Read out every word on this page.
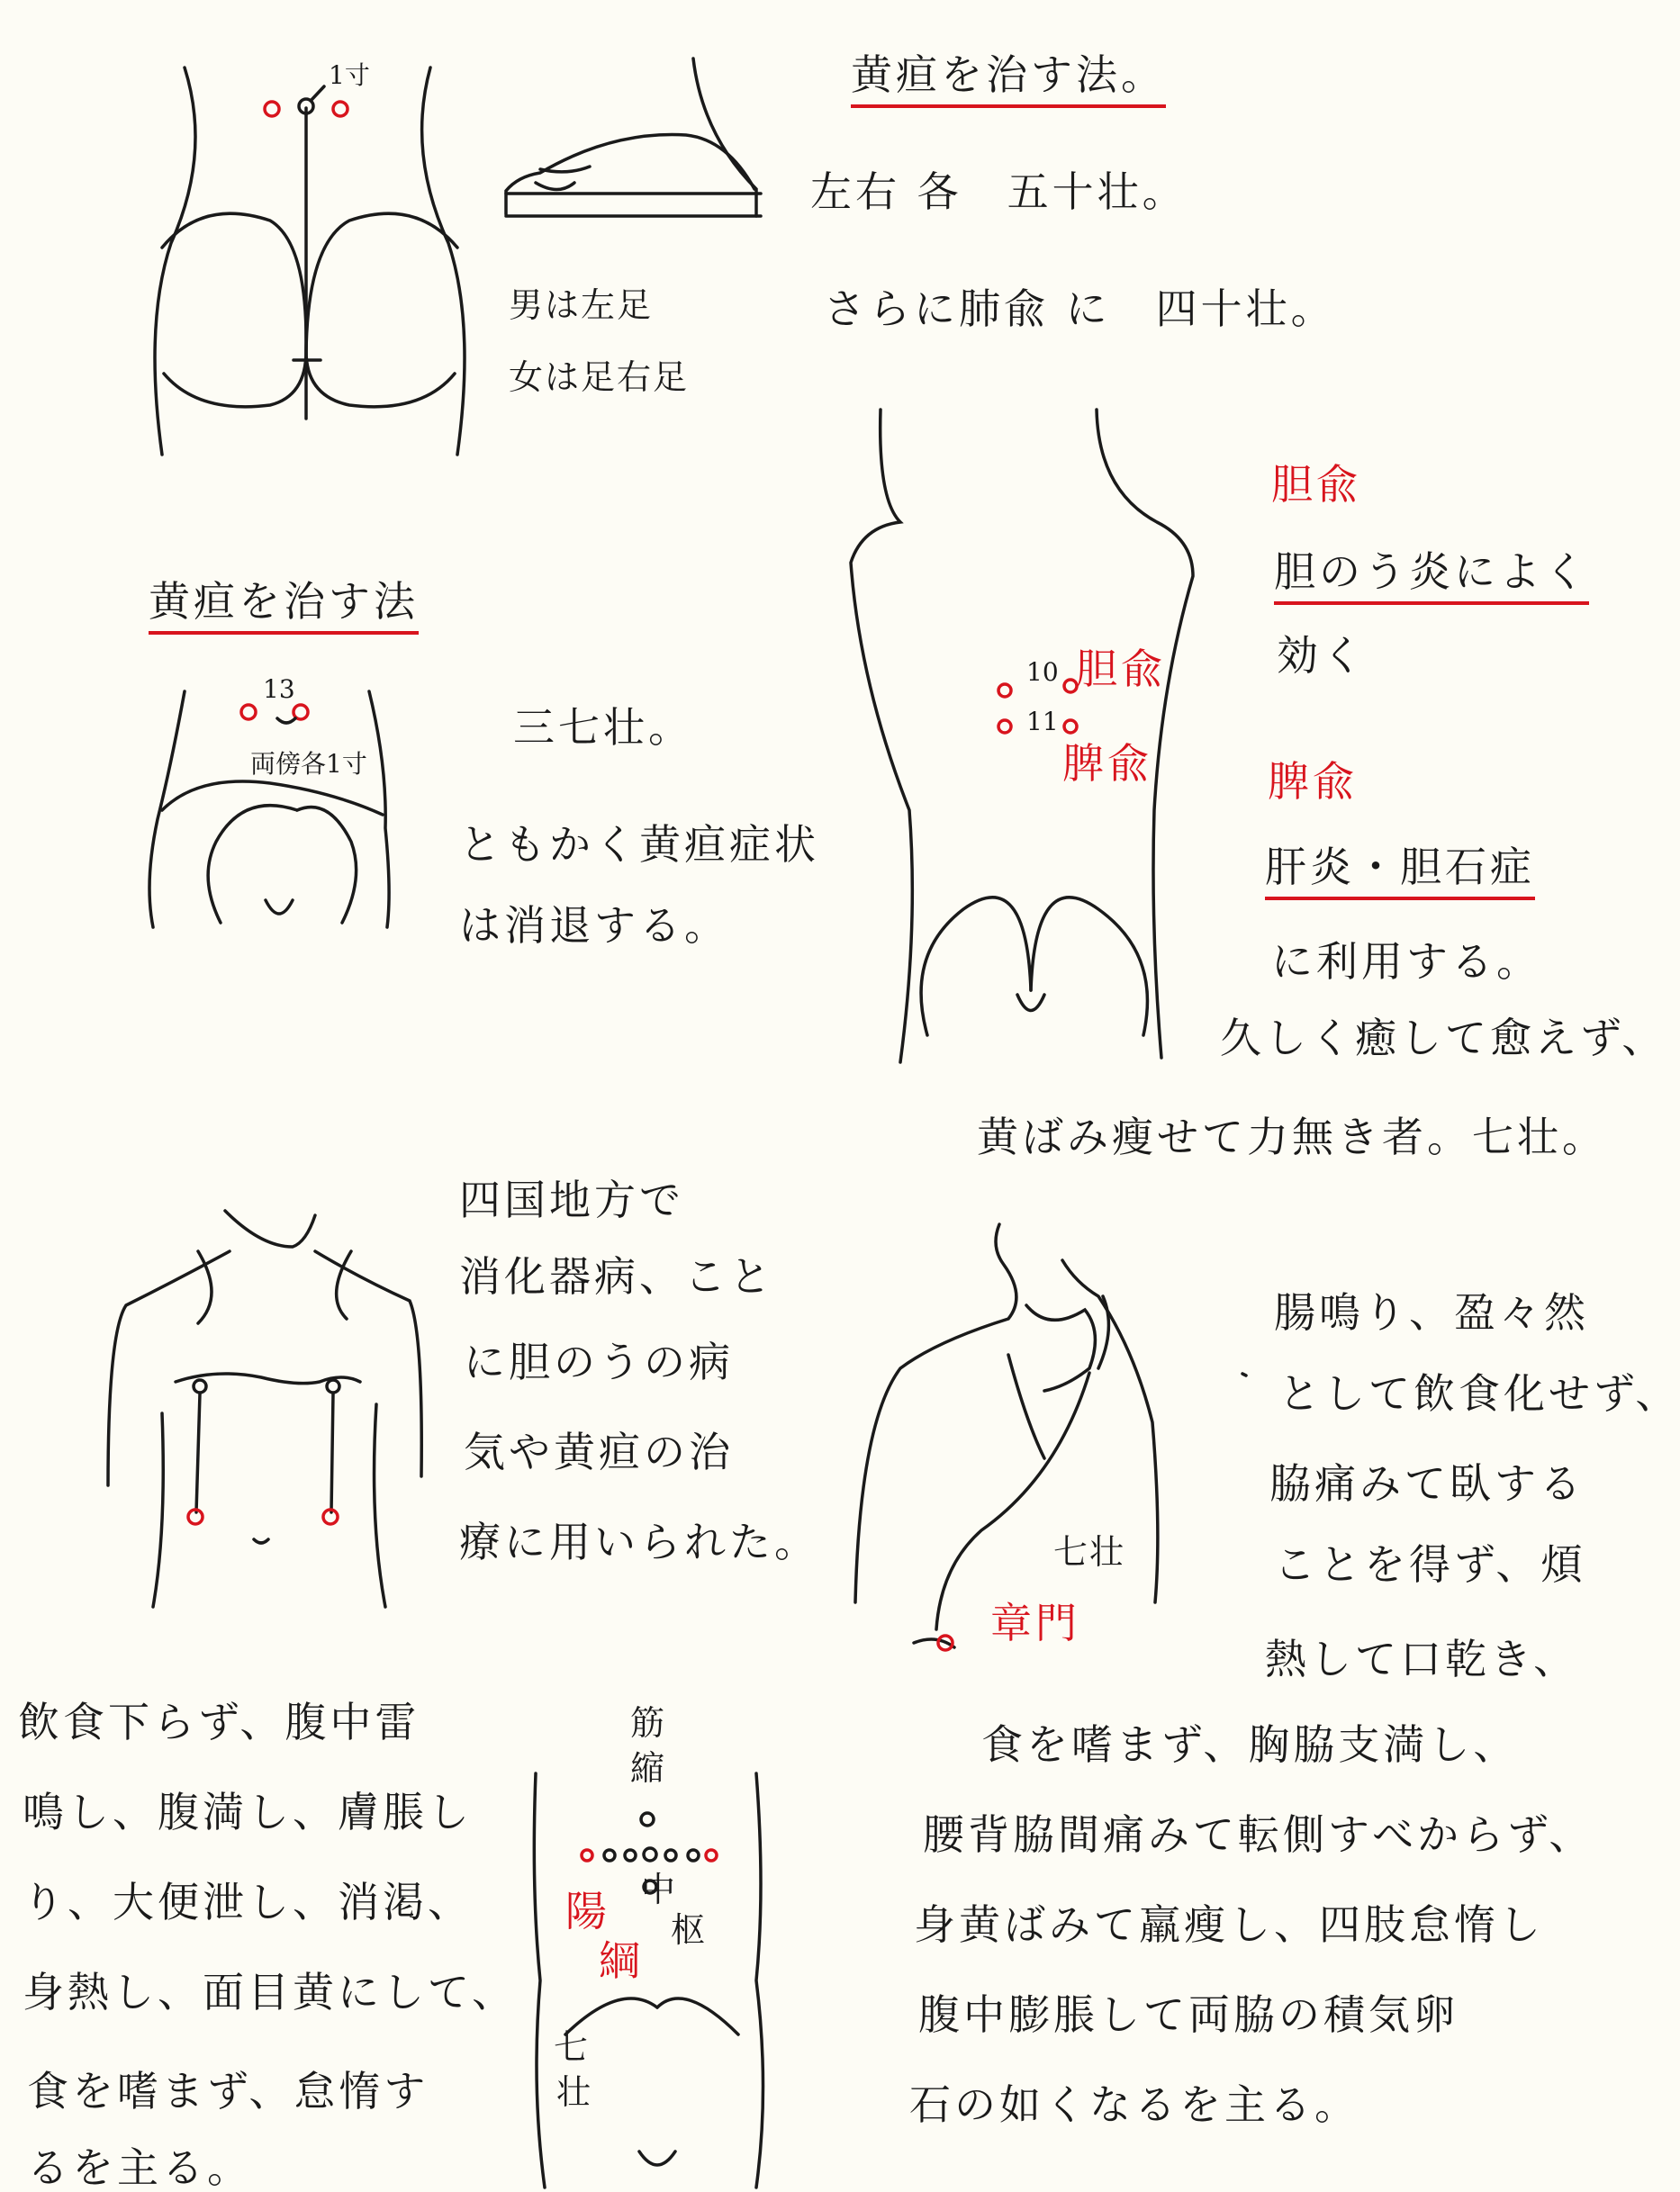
黄疸を治す法。
左右 各　五十壮。
さらに肺兪 に　四十壮。
男は左足
女は足右足
1寸
黄疸を治す法
三七壮。
ともかく黄疸症状
は消退する。
13
両傍各1寸
胆兪
胆のう炎によく
効く
脾兪
肝炎・胆石症
に利用する。
久しく癒して愈えず、
黄ばみ瘦せて力無き者。七壮。
10
11
胆兪
脾兪
四国地方で
消化器病、こと
に胆のうの病
気や黄疸の治
療に用いられた。
腸鳴り、盈々然
として飲食化せず、
脇痛みて臥する
ことを得ず、煩
熱して口乾き、
食を嗜まず、胸脇支満し、
腰背脇間痛みて転側すべからず、
身黄ばみて羸瘦し、四肢怠惰し
腹中膨脹して両脇の積気卵
石の如くなるを主る。
七壮
章門
飲食下らず、腹中雷
鳴し、腹満し、膚脹し
り、大便泄し、消渇、
身熱し、面目黄にして、
食を嗜まず、怠惰す
るを主る。
筋
縮
中
枢
陽
綱
七
壮
